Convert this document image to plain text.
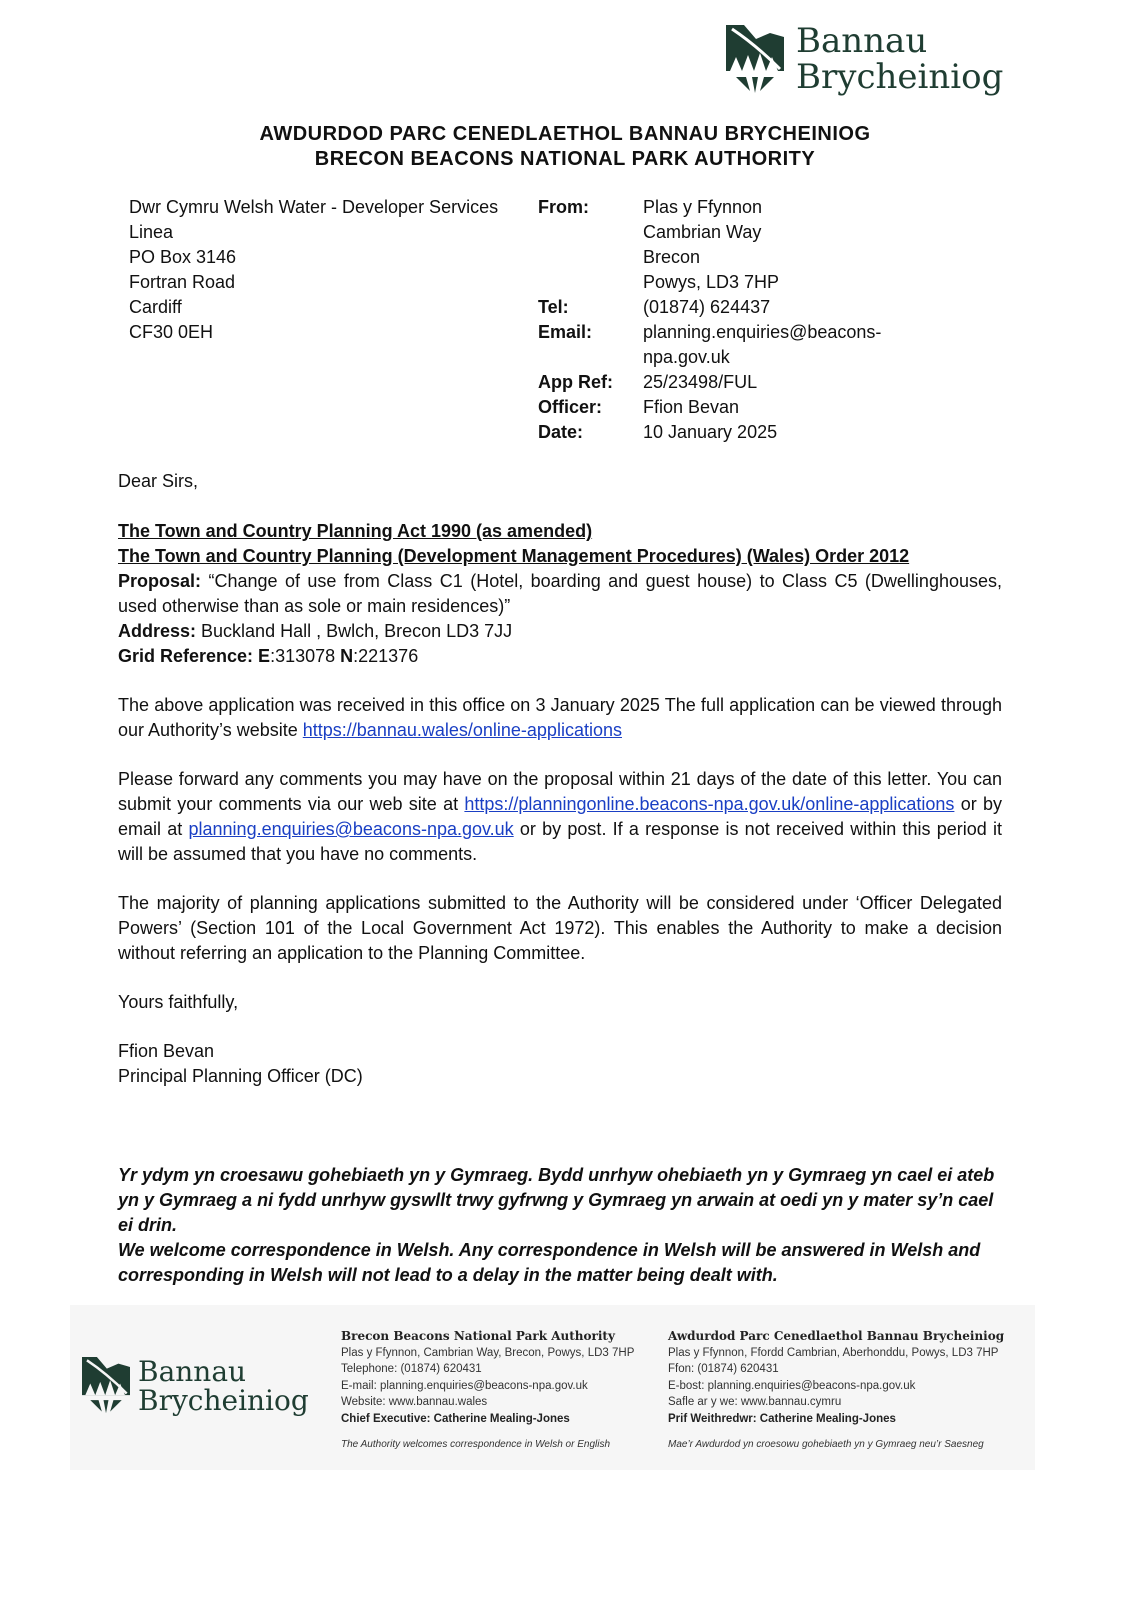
Bannau
Brycheiniog
AWDURDOD PARC CENEDLAETHOL BANNAU BRYCHEINIOG
BRECON BEACONS NATIONAL PARK AUTHORITY
Dwr Cymru Welsh Water - Developer Services
Linea
PO Box 3146
Fortran Road
Cardiff
CF30 0EH
From:
Tel:
Email:
App Ref:
Officer:
Date:
Plas y Ffynnon
Cambrian Way
Brecon
Powys, LD3 7HP
(01874) 624437
planning.enquiries@beacons-
npa.gov.uk
25/23498/FUL
Ffion Bevan
10 January 2025
Dear Sirs,
The Town and Country Planning Act 1990 (as amended)
The Town and Country Planning (Development Management Procedures) (Wales) Order 2012
Proposal: “Change of use from Class C1 (Hotel, boarding and guest house) to Class C5 (Dwellinghouses, used otherwise than as sole or main residences)”
Address: Buckland Hall , Bwlch, Brecon LD3 7JJ
Grid Reference: E:313078 N:221376
The above application was received in this office on 3 January 2025 The full application can be viewed through our Authority’s website https://bannau.wales/online-applications
Please forward any comments you may have on the proposal within 21 days of the date of this letter. You can submit your comments via our web site at https://planningonline.beacons-npa.gov.uk/online-applications or by email at planning.enquiries@beacons-npa.gov.uk or by post. If a response is not received within this period it will be assumed that you have no comments.
The majority of planning applications submitted to the Authority will be considered under ‘Officer Delegated Powers’ (Section 101 of the Local Government Act 1972). This enables the Authority to make a decision without referring an application to the Planning Committee.
Yours faithfully,
Ffion Bevan
Principal Planning Officer (DC)
Yr ydym yn croesawu gohebiaeth yn y Gymraeg. Bydd unrhyw ohebiaeth yn y Gymraeg yn cael ei ateb yn y Gymraeg a ni fydd unrhyw gyswllt trwy gyfrwng y Gymraeg yn arwain at oedi yn y mater sy’n cael ei drin.
We welcome correspondence in Welsh. Any correspondence in Welsh will be answered in Welsh and corresponding in Welsh will not lead to a delay in the matter being dealt with.
Bannau
Brycheiniog
Brecon Beacons National Park Authority
Plas y Ffynnon, Cambrian Way, Brecon, Powys, LD3 7HP
Telephone: (01874) 620431
E-mail: planning.enquiries@beacons-npa.gov.uk
Website: www.bannau.wales
Chief Executive: Catherine Mealing-Jones
The Authority welcomes correspondence in Welsh or English
Awdurdod Parc Cenedlaethol Bannau Brycheiniog
Plas y Ffynnon, Ffordd Cambrian, Aberhonddu, Powys, LD3 7HP
Ffon: (01874) 620431
E-bost: planning.enquiries@beacons-npa.gov.uk
Safle ar y we: www.bannau.cymru
Prif Weithredwr: Catherine Mealing-Jones
Mae’r Awdurdod yn croesowu gohebiaeth yn y Gymraeg neu’r Saesneg
